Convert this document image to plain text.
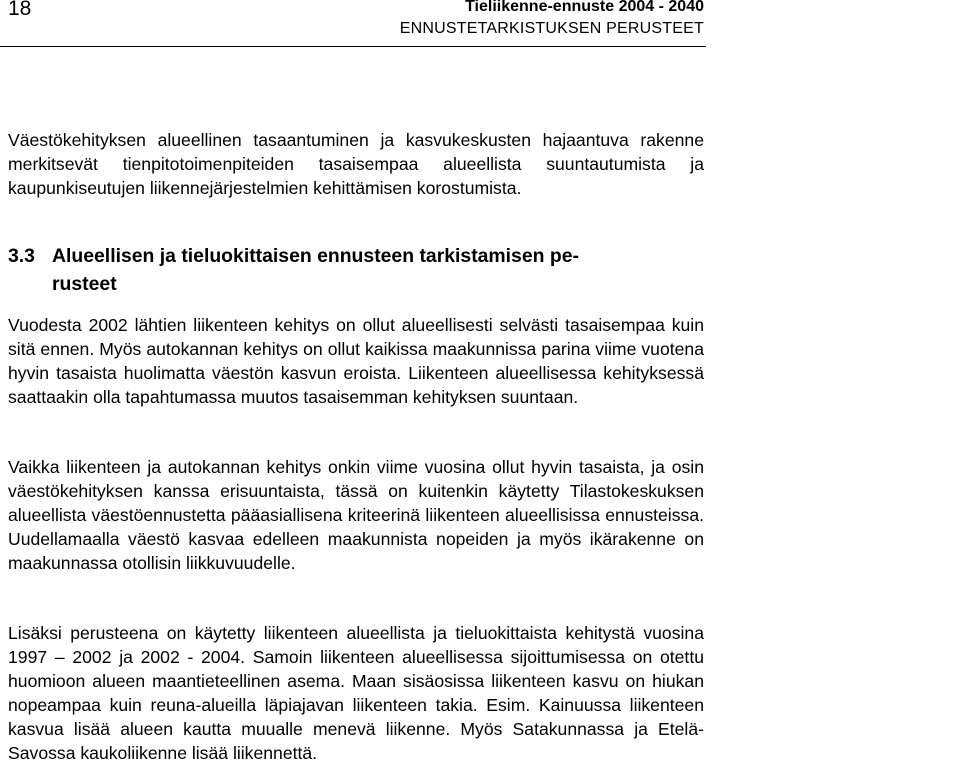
18	Tieliikenne-ennuste 2004 - 2040
ENNUSTETARKISTUKSEN PERUSTEET

Väestökehityksen alueellinen tasaantuminen ja kasvukeskusten hajaantuva rakenne merkitsevät tienpitotoimenpiteiden tasaisempaa alueellista suuntautumista ja kaupunkiseutujen liikennejärjestelmien kehittämisen korostumista.

3.3 Alueellisen ja tieluokittaisen ennusteen tarkistamisen pe-
rusteet

Vuodesta 2002 lähtien liikenteen kehitys on ollut alueellisesti selvästi tasaisempaa kuin sitä ennen. Myös autokannan kehitys on ollut kaikissa maakunnissa parina viime vuotena hyvin tasaista huolimatta väestön kasvun eroista. Liikenteen alueellisessa kehityksessä saattaakin olla tapahtumassa muutos tasaisemman kehityksen suuntaan.

Vaikka liikenteen ja autokannan kehitys onkin viime vuosina ollut hyvin tasaista, ja osin väestökehityksen kanssa erisuuntaista, tässä on kuitenkin käytetty Tilastokeskuksen alueellista väestöennustetta pääasiallisena kriteerinä liikenteen alueellisissa ennusteissa. Uudellamaalla väestö kasvaa edelleen maakunnista nopeiden ja myös ikärakenne on maakunnassa otollisin liikkuvuudelle.

Lisäksi perusteena on käytetty liikenteen alueellista ja tieluokittaista kehitystä vuosina 1997 – 2002 ja 2002 - 2004. Samoin liikenteen alueellisessa sijoittumisessa on otettu huomioon alueen maantieteellinen asema. Maan sisäosissa liikenteen kasvu on hiukan nopeampaa kuin reuna-alueilla läpiajavan liikenteen takia. Esim. Kainuussa liikenteen kasvua lisää alueen kautta muualle menevä liikenne. Myös Satakunnassa ja Etelä-Savossa kaukoliikenne lisää liikennettä.
